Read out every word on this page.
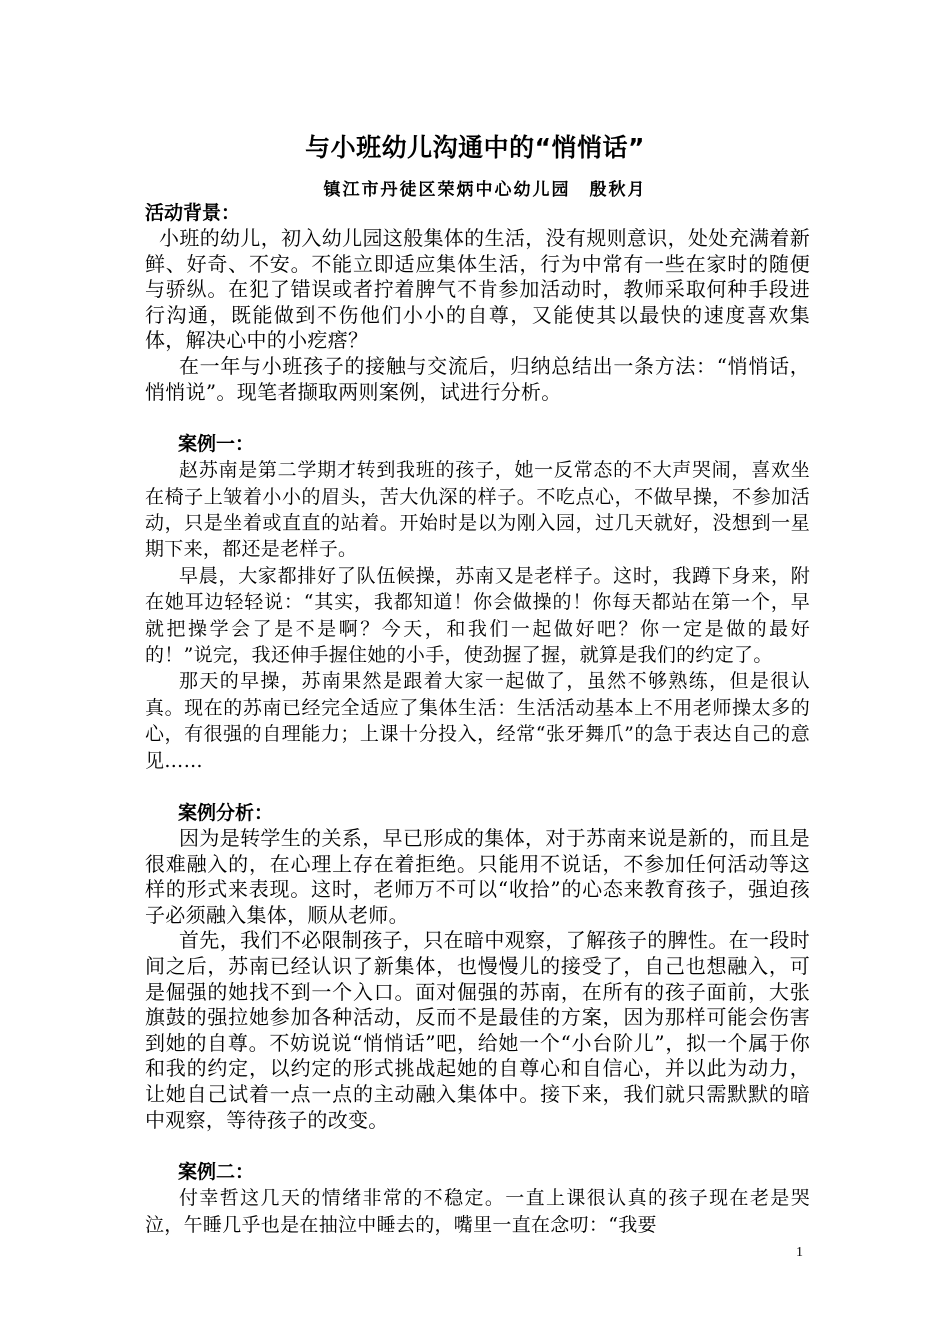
与小班幼儿沟通中的“悄悄话”
镇江市丹徒区荣炳中心幼儿园　殷秋月
活动背景：

小班的幼儿，初入幼儿园这般集体的生活，没有规则意识，处处充满着新鲜、好奇、不安。不能立即适应集体生活，行为中常有一些在家时的随便与骄纵。在犯了错误或者拧着脾气不肯参加活动时，教师采取何种手段进行沟通，既能做到不伤他们小小的自尊，又能使其以最快的速度喜欢集体，解决心中的小疙瘩？

在一年与小班孩子的接触与交流后，归纳总结出一条方法：“悄悄话，悄悄说”。现笔者撷取两则案例，试进行分析。

案例一：

赵苏南是第二学期才转到我班的孩子，她一反常态的不大声哭闹，喜欢坐在椅子上皱着小小的眉头，苦大仇深的样子。不吃点心，不做早操，不参加活动，只是坐着或直直的站着。开始时是以为刚入园，过几天就好，没想到一星期下来，都还是老样子。

早晨，大家都排好了队伍候操，苏南又是老样子。这时，我蹲下身来，附在她耳边轻轻说：“其实，我都知道！你会做操的！你每天都站在第一个，早就把操学会了是不是啊？今天，和我们一起做好吧？你一定是做的最好的！”说完，我还伸手握住她的小手，使劲握了握，就算是我们的约定了。

那天的早操，苏南果然是跟着大家一起做了，虽然不够熟练，但是很认真。现在的苏南已经完全适应了集体生活：生活活动基本上不用老师操太多的心，有很强的自理能力；上课十分投入，经常“张牙舞爪”的急于表达自己的意见……

案例分析：

因为是转学生的关系，早已形成的集体，对于苏南来说是新的，而且是很难融入的，在心理上存在着拒绝。只能用不说话，不参加任何活动等这样的形式来表现。这时，老师万不可以“收拾”的心态来教育孩子，强迫孩子必须融入集体，顺从老师。

首先，我们不必限制孩子，只在暗中观察，了解孩子的脾性。在一段时间之后，苏南已经认识了新集体，也慢慢儿的接受了，自己也想融入，可是倔强的她找不到一个入口。面对倔强的苏南，在所有的孩子面前，大张旗鼓的强拉她参加各种活动，反而不是最佳的方案，因为那样可能会伤害到她的自尊。不妨说说“悄悄话”吧，给她一个“小台阶儿”，拟一个属于你和我的约定，以约定的形式挑战起她的自尊心和自信心，并以此为动力，让她自己试着一点一点的主动融入集体中。接下来，我们就只需默默的暗中观察，等待孩子的改变。

案例二：

付幸哲这几天的情绪非常的不稳定。一直上课很认真的孩子现在老是哭泣，午睡几乎也是在抽泣中睡去的，嘴里一直在念叨：“我要

1
